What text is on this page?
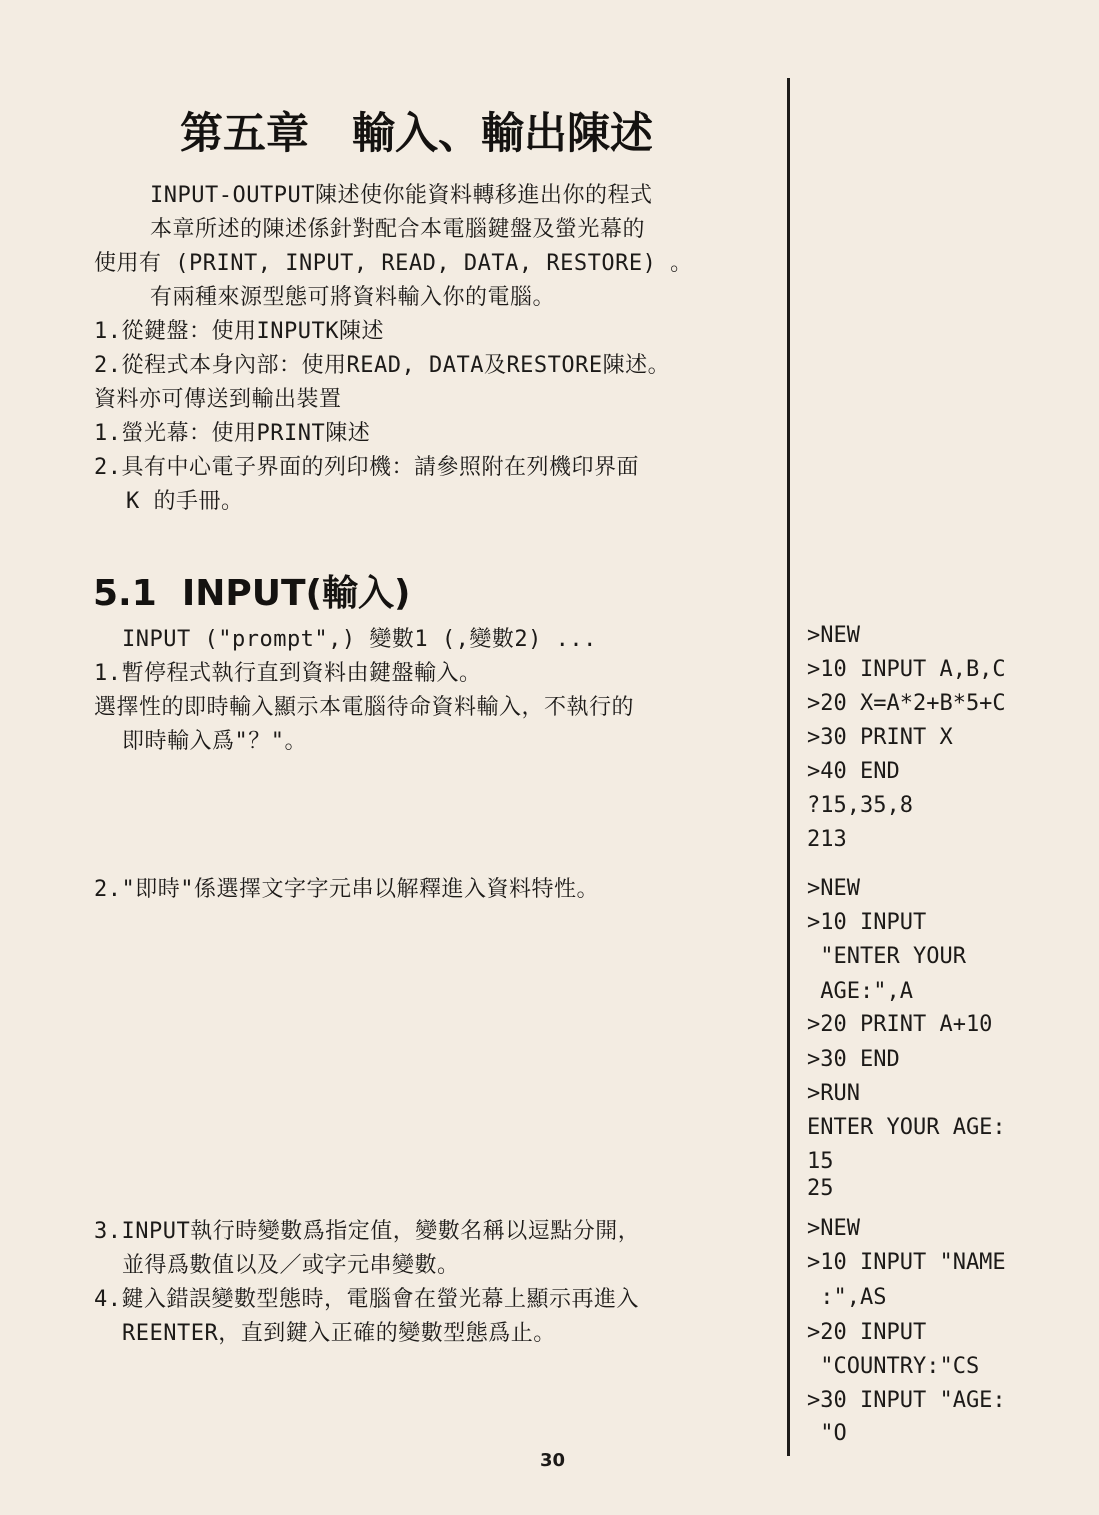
第五章　輸入、輸出陳述
INPUT-OUTPUT陳述使你能資料轉移進出你的程式
本章所述的陳述係針對配合本電腦鍵盤及螢光幕的
使用有 (PRINT, INPUT, READ, DATA, RESTORE) 。
有兩種來源型態可將資料輸入你的電腦。
1.從鍵盤：使用INPUTK陳述
2.從程式本身內部：使用READ, DATA及RESTORE陳述。
資料亦可傳送到輸出裝置
1.螢光幕：使用PRINT陳述
2.具有中心電子界面的列印機：請參照附在列機印界面
K 的手冊。
5.1  INPUT(輸入)
INPUT ("prompt",) 變數1 (,變數2) ...
1.暫停程式執行直到資料由鍵盤輸入。
選擇性的即時輸入顯示本電腦待命資料輸入，不執行的
即時輸入爲"？"。
2."即時"係選擇文字字元串以解釋進入資料特性。
3.INPUT執行時變數爲指定值，變數名稱以逗點分開，
並得爲數值以及／或字元串變數。
4.鍵入錯誤變數型態時，電腦會在螢光幕上顯示再進入
REENTER，直到鍵入正確的變數型態爲止。
>NEW
>10 INPUT A,B,C
>20 X=A*2+B*5+C
>30 PRINT X
>40 END
?15,35,8
213
>NEW
>10 INPUT
"ENTER YOUR
AGE:",A
>20 PRINT A+10
>30 END
>RUN
ENTER YOUR AGE:
15
25
>NEW
>10 INPUT "NAME
:",AS
>20 INPUT
"COUNTRY:"CS
>30 INPUT "AGE:
"O
30
